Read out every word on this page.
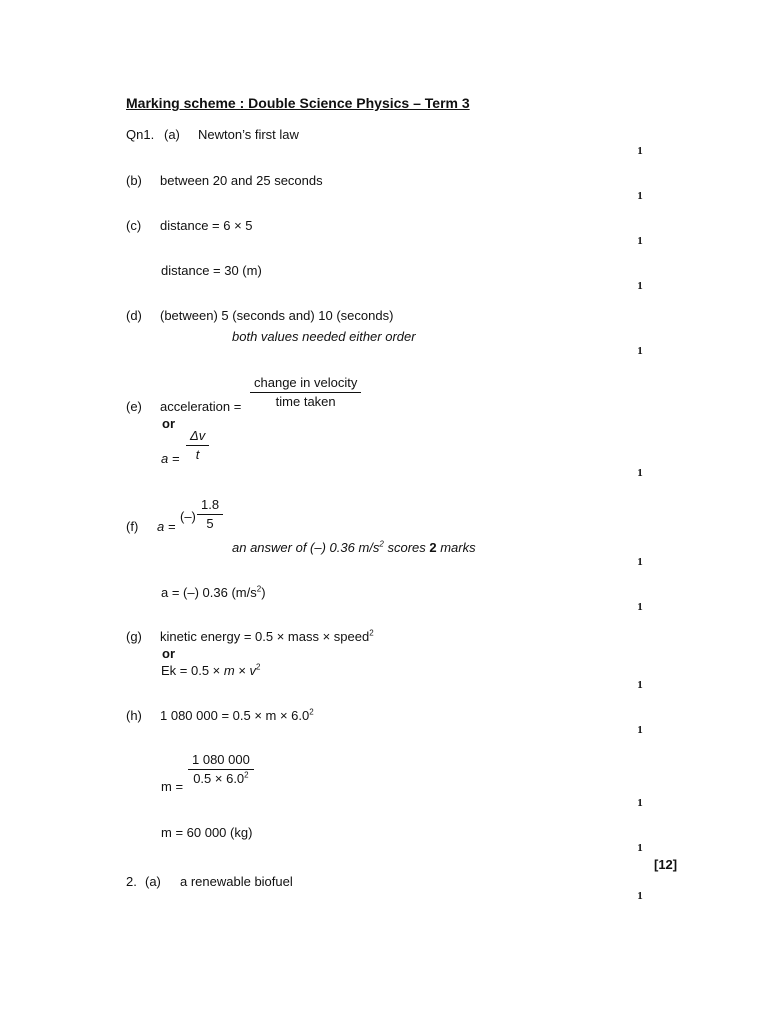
Marking scheme : Double Science Physics – Term 3
Qn1. (a) Newton’s first law
1
(b) between 20 and 25 seconds
1
(c) distance = 6 × 5
1
distance = 30 (m)
1
(d) (between) 5 (seconds and) 10 (seconds)
both values needed either order
1
change in velocity
time taken
(e) acceleration =
or
Δv
t
a =
1
(f) a =
(–)
1.8
5
an answer of (–) 0.36 $m/s^2$ scores 2 marks
1
a = (–) 0.36 $(m/s^2)$
1
(g) kinetic energy = 0.5 × mass × speed$^2$
or
$Ek = 0.5 \times m \times v^2$
1
(h) 1 080 $000 = 0.5 \times m \times 6.0^2$
1
1 080 000
$0.5 \times 6.0^2$
m =
1
m = 60 000 (kg)
1
[12]
2. (a) a renewable biofuel
1
